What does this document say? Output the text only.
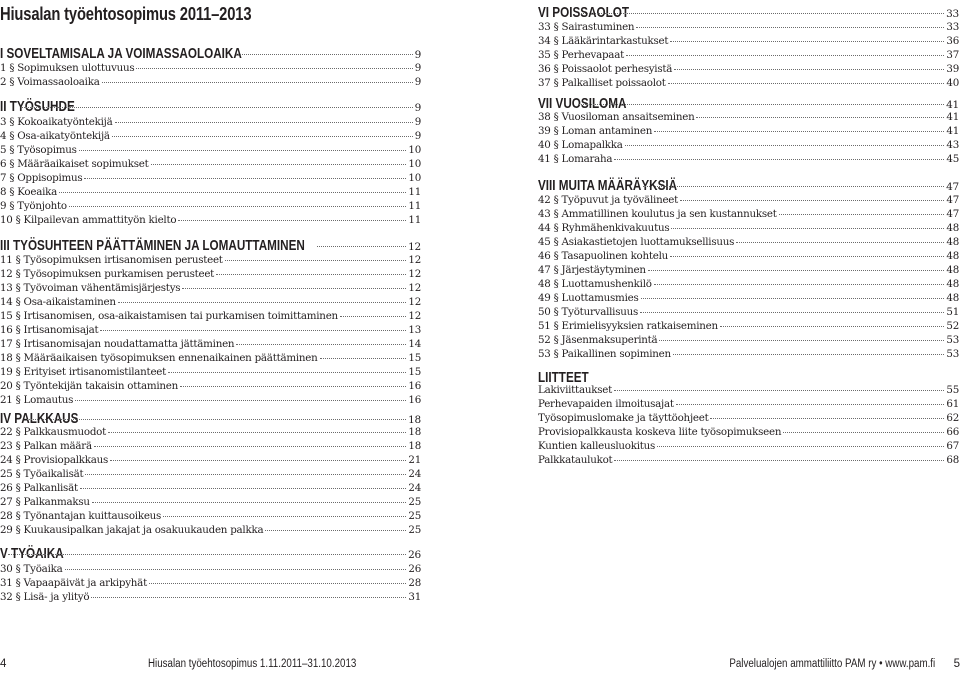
Hiusalan työehtosopimus 2011–2013
I SOVELTAMISALA JA VOIMASSAOLOAIKA	9
1 § Sopimuksen ulottuvuus	9
2 § Voimassaoloaika	9
II TYÖSUHDE	9
3 § Kokoaikatyöntekijä	9
4 § Osa-aikatyöntekijä	9
5 § Työsopimus	10
6 § Määräaikaiset sopimukset	10
7 § Oppisopimus	10
8 § Koeaika	11
9 § Työnjohto	11
10 § Kilpailevan ammattityön kielto	11
III TYÖSUHTEEN PÄÄTTÄMINEN JA LOMAUTTAMINEN	12
11 § Työsopimuksen irtisanomisen perusteet	12
12 § Työsopimuksen purkamisen perusteet	12
13 § Työvoiman vähentämisjärjestys	12
14 § Osa-aikaistaminen	12
15 § Irtisanomisen, osa-aikaistamisen tai purkamisen toimittaminen	12
16 § Irtisanomisajat	13
17 § Irtisanomisajan noudattamatta jättäminen	14
18 § Määräaikaisen työsopimuksen ennenaikainen päättäminen	15
19 § Erityiset irtisanomistilanteet	15
20 § Työntekijän takaisin ottaminen	16
21 § Lomautus	16
IV PALKKAUS	18
22 § Palkkausmuodot	18
23 § Palkan määrä	18
24 § Provisiopalkkaus	21
25 § Työaikalisät	24
26 § Palkanlisät	24
27 § Palkanmaksu	25
28 § Työnantajan kuittausoikeus	25
29 § Kuukausipalkan jakajat ja osakuukauden palkka	25
V TYÖAIKA	26
30 § Työaika	26
31 § Vapaapäivät ja arkipyhät	28
32 § Lisä- ja ylityö	31
VI POISSAOLOT	33
33 § Sairastuminen	33
34 § Lääkärintarkastukset	36
35 § Perhevapaat	37
36 § Poissaolot perhesyistä	39
37 § Palkalliset poissaolot	40
VII VUOSILOMA	41
38 § Vuosiloman ansaitseminen	41
39 § Loman antaminen	41
40 § Lomapalkka	43
41 § Lomaraha	45
VIII MUITA MÄÄRÄYKSIÄ	47
42 § Työpuvut ja työvälineet	47
43 § Ammatillinen koulutus ja sen kustannukset	47
44 § Ryhmähenkivakuutus	48
45 § Asiakastietojen luottamuksellisuus	48
46 § Tasapuolinen kohtelu	48
47 § Järjestäytyminen	48
48 § Luottamushenkilö	48
49 § Luottamusmies	48
50 § Työturvallisuus	51
51 § Erimielisyyksien ratkaiseminen	52
52 § Jäsenmaksuperintä	53
53 § Paikallinen sopiminen	53
LIITTEET
Lakiviittaukset	55
Perhevapaiden ilmoitusajat	61
Työsopimuslomake ja täyttöohjeet	62
Provisiopalkkausta koskeva liite työsopimukseen	66
Kuntien kalleusluokitus	67
Palkkataulukot	68
4	Hiusalan työehtosopimus 1.11.2011–31.10.2013	Palvelualojen ammattiliitto PAM ry • www.pam.fi 5
